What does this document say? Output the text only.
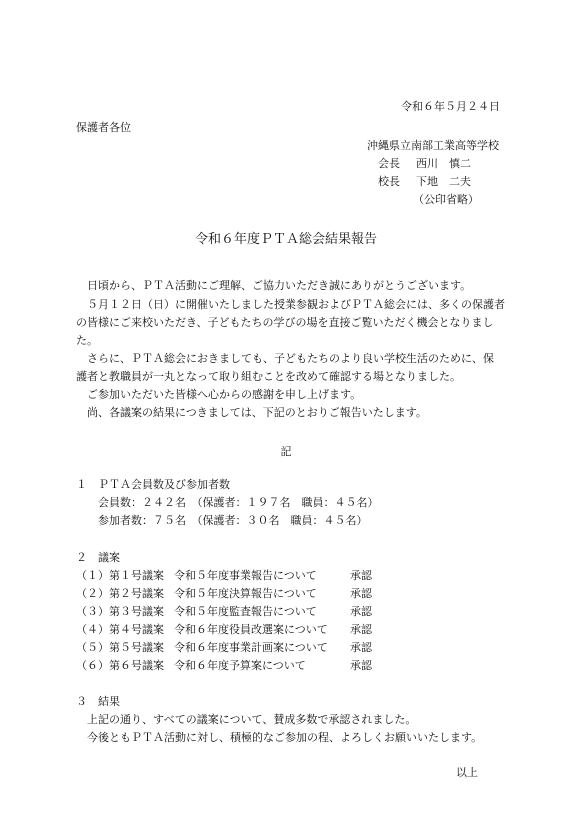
令和６年５月２４日
保護者各位
沖縄県立南部工業高等学校
会長 西川　慎二
校長 下地　二夫
（公印省略）
令和６年度ＰＴＡ総会結果報告
日頃から、ＰＴＡ活動にご理解、ご協力いただき誠にありがとうございます。
５月１２日（日）に開催いたしました授業参観およびＰＴＡ総会には、多くの保護者
の皆様にご来校いただき、子どもたちの学びの場を直接ご覧いただく機会となりまし
た。
さらに、ＰＴＡ総会におきましても、子どもたちのより良い学校生活のために、保
護者と教職員が一丸となって取り組むことを改めて確認する場となりました。
ご参加いただいた皆様へ心からの感謝を申し上げます。
尚、各議案の結果につきましては、下記のとおりご報告いたします。
記
１　ＰＴＡ会員数及び参加者数
会員数：２４２名　（保護者：１９７名　職員：４５名）
参加者数：７５名　（保護者：３０名　職員：４５名）
２　議案
（１）第１号議案 令和５年度事業報告について	承認
（２）第２号議案 令和５年度決算報告について	承認
（３）第３号議案 令和５年度監査報告について	承認
（４）第４号議案 令和６年度役員改選案について 承認
（５）第５号議案 令和６年度事業計画案について 承認
（６）第６号議案 令和６年度予算案について	承認
３　結果
上記の通り、すべての議案について、賛成多数で承認されました。
今後ともＰＴＡ活動に対し、積極的なご参加の程、よろしくお願いいたします。
以上
